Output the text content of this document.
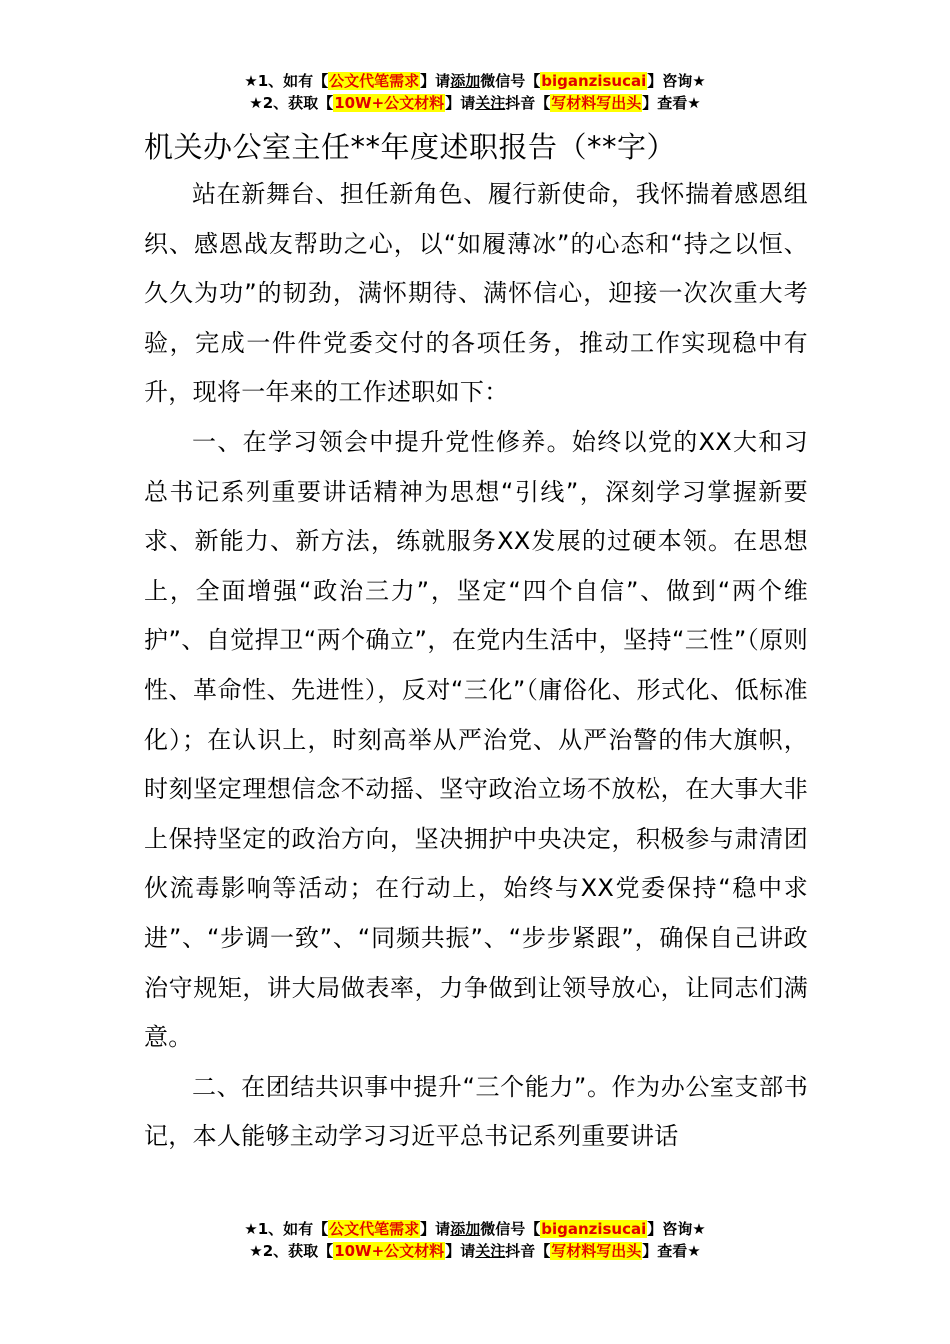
★1、如有【公文代笔需求】请添加微信号【biganzisucai】咨询★
★2、获取【10W+公文材料】请关注抖音【写材料写出头】查看★
机关办公室主任**年度述职报告（**字）

站在新舞台、担任新角色、履行新使命，我怀揣着感恩组织、感恩战友帮助之心，以“如履薄冰”的心态和“持之以恒、久久为功”的韧劲，满怀期待、满怀信心，迎接一次次重大考验，完成一件件党委交付的各项任务，推动工作实现稳中有升，现将一年来的工作述职如下：

一、在学习领会中提升党性修养。始终以党的XX大和习总书记系列重要讲话精神为思想“引线”，深刻学习掌握新要求、新能力、新方法，练就服务XX发展的过硬本领。在思想上，全面增强“政治三力”，坚定“四个自信”、做到“两个维护”、自觉捍卫“两个确立”，在党内生活中，坚持“三性”（原则性、革命性、先进性），反对“三化”（庸俗化、形式化、低标准化）；在认识上，时刻高举从严治党、从严治警的伟大旗帜，时刻坚定理想信念不动摇、坚守政治立场不放松，在大事大非上保持坚定的政治方向，坚决拥护中央决定，积极参与肃清团伙流毒影响等活动；在行动上，始终与XX党委保持“稳中求进”、“步调一致”、“同频共振”、“步步紧跟”，确保自己讲政治守规矩，讲大局做表率，力争做到让领导放心，让同志们满意。

二、在团结共识事中提升“三个能力”。作为办公室支部书记，本人能够主动学习习近平总书记系列重要讲话

★1、如有【公文代笔需求】请添加微信号【biganzisucai】咨询★
★2、获取【10W+公文材料】请关注抖音【写材料写出头】查看★
